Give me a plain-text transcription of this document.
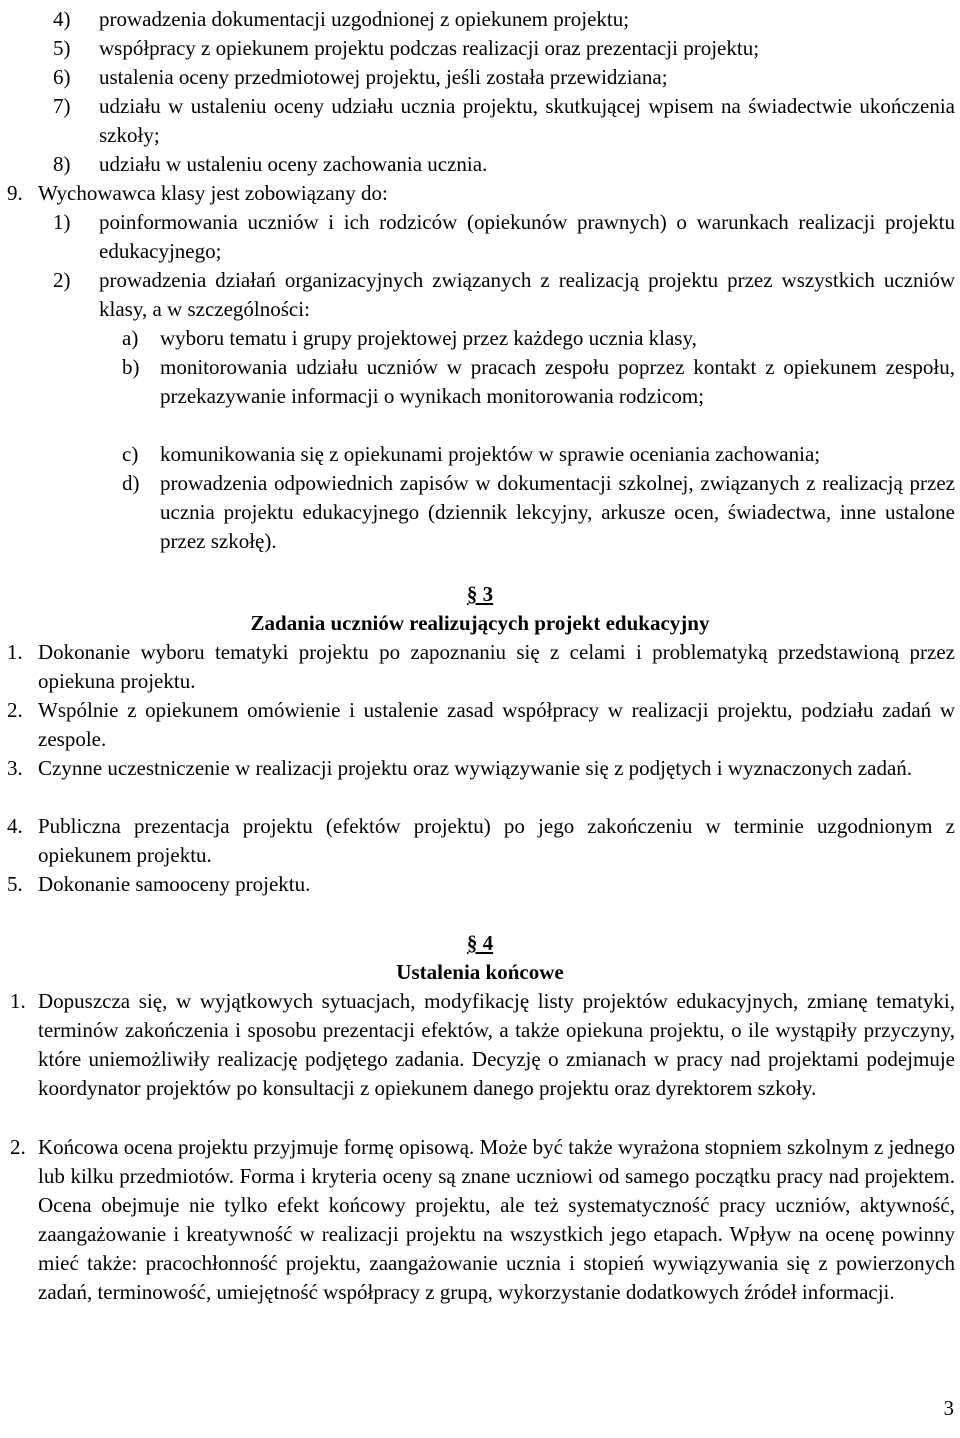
4) prowadzenia dokumentacji uzgodnionej z opiekunem projektu;

5) współpracy z opiekunem projektu podczas realizacji oraz prezentacji projektu;

6) ustalenia oceny przedmiotowej projektu, jeśli została przewidziana;

7) udziału w ustaleniu oceny udziału ucznia projektu, skutkującej wpisem na świadectwie ukończenia szkoły;

8) udziału w ustaleniu oceny zachowania ucznia.

9. Wychowawca klasy jest zobowiązany do:

1) poinformowania uczniów i ich rodziców (opiekunów prawnych) o warunkach realizacji projektu edukacyjnego;

2) prowadzenia działań organizacyjnych związanych z realizacją projektu przez wszystkich uczniów klasy, a w szczególności:

a) wyboru tematu i grupy projektowej przez każdego ucznia klasy,

b) monitorowania udziału uczniów w pracach zespołu poprzez kontakt z opiekunem zespołu, przekazywanie informacji o wynikach monitorowania rodzicom;

c) komunikowania się z opiekunami projektów w sprawie oceniania zachowania;

d) prowadzenia odpowiednich zapisów w dokumentacji szkolnej, związanych z realizacją przez ucznia projektu edukacyjnego (dziennik lekcyjny, arkusze ocen, świadectwa, inne ustalone przez szkołę).

§ 3

Zadania uczniów realizujących projekt edukacyjny

1. Dokonanie wyboru tematyki projektu po zapoznaniu się z celami i problematyką przedstawioną przez opiekuna projektu.

2. Wspólnie z opiekunem omówienie i ustalenie zasad współpracy w realizacji projektu, podziału zadań w zespole.

3. Czynne uczestniczenie w realizacji projektu oraz wywiązywanie się z podjętych i wyznaczonych zadań.

4. Publiczna prezentacja projektu (efektów projektu) po jego zakończeniu w terminie uzgodnionym z opiekunem projektu.

5. Dokonanie samooceny projektu.

§ 4

Ustalenia końcowe

1. Dopuszcza się, w wyjątkowych sytuacjach, modyfikację listy projektów edukacyjnych, zmianę tematyki, terminów zakończenia i sposobu prezentacji efektów, a także opiekuna projektu, o ile wystąpiły przyczyny, które uniemożliwiły realizację podjętego zadania. Decyzję o zmianach w pracy nad projektami podejmuje koordynator projektów po konsultacji z opiekunem danego projektu oraz dyrektorem szkoły.

2. Końcowa ocena projektu przyjmuje formę opisową. Może być także wyrażona stopniem szkolnym z jednego lub kilku przedmiotów. Forma i kryteria oceny są znane uczniowi od samego początku pracy nad projektem. Ocena obejmuje nie tylko efekt końcowy projektu, ale też systematyczność pracy uczniów, aktywność, zaangażowanie i kreatywność w realizacji projektu na wszystkich jego etapach. Wpływ na ocenę powinny mieć także: pracochłonność projektu, zaangażowanie ucznia i stopień wywiązywania się z powierzonych zadań, terminowość, umiejętność współpracy z grupą, wykorzystanie dodatkowych źródeł informacji.

3
